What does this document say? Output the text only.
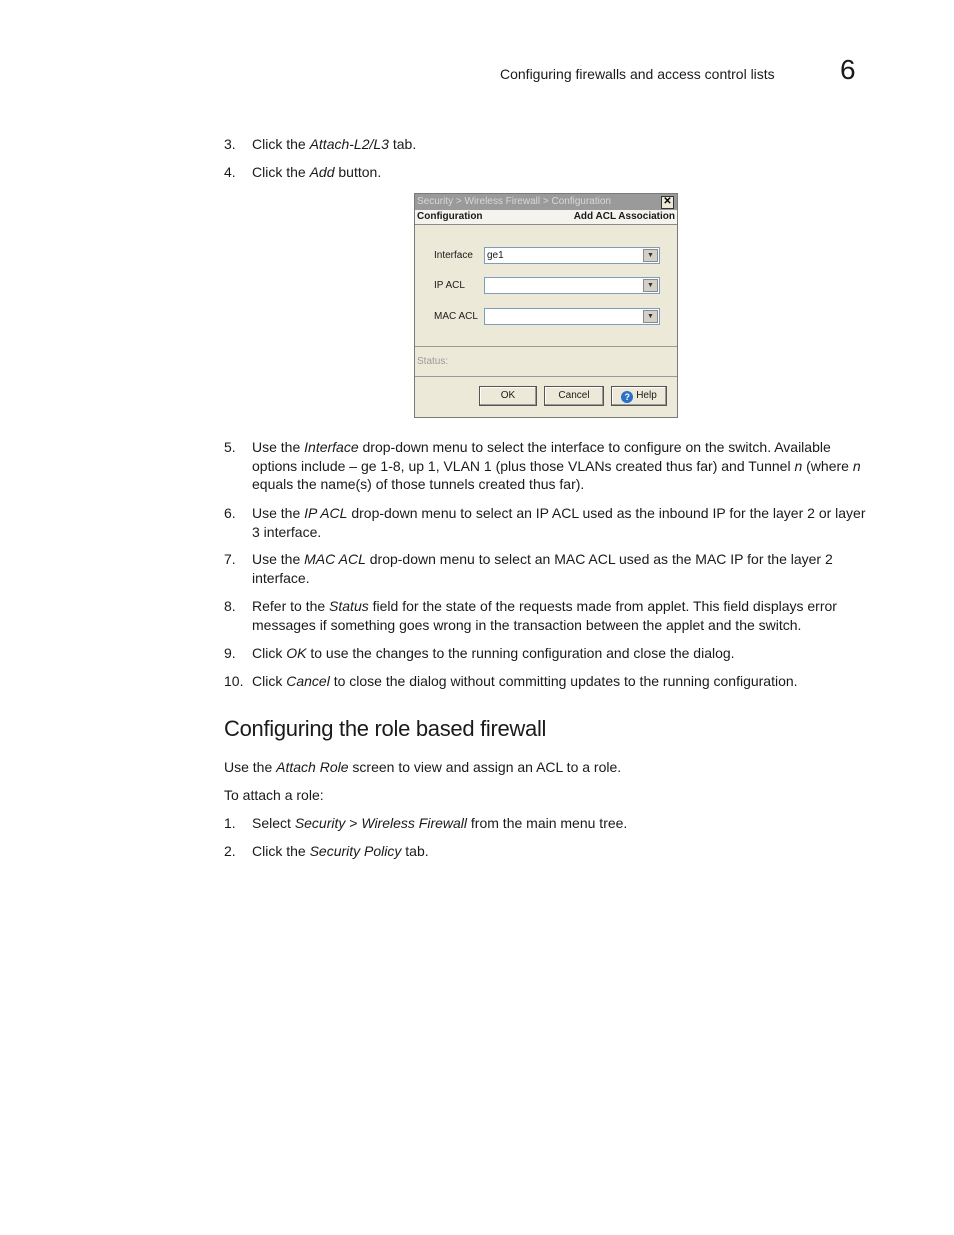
Configuring firewalls and access control lists 6
3. Click the Attach-L2/L3 tab.
4. Click the Add button.
Security > Wireless Firewall > Configuration	✕
Configuration	Add ACL Association
Interface	ge1	▼
IP ACL	▼
MAC ACL	▼
Status:
OK	Cancel	? Help
5. Use the Interface drop-down menu to select the interface to configure on the switch. Available options include – ge 1-8, up 1, VLAN 1 (plus those VLANs created thus far) and Tunnel n (where n equals the name(s) of those tunnels created thus far).
6. Use the IP ACL drop-down menu to select an IP ACL used as the inbound IP for the layer 2 or layer 3 interface.
7. Use the MAC ACL drop-down menu to select an MAC ACL used as the MAC IP for the layer 2 interface.
8. Refer to the Status field for the state of the requests made from applet. This field displays error messages if something goes wrong in the transaction between the applet and the switch.
9. Click OK to use the changes to the running configuration and close the dialog.
10. Click Cancel to close the dialog without committing updates to the running configuration.
Configuring the role based firewall
Use the Attach Role screen to view and assign an ACL to a role.
To attach a role:
1. Select Security > Wireless Firewall from the main menu tree.
2. Click the Security Policy tab.
